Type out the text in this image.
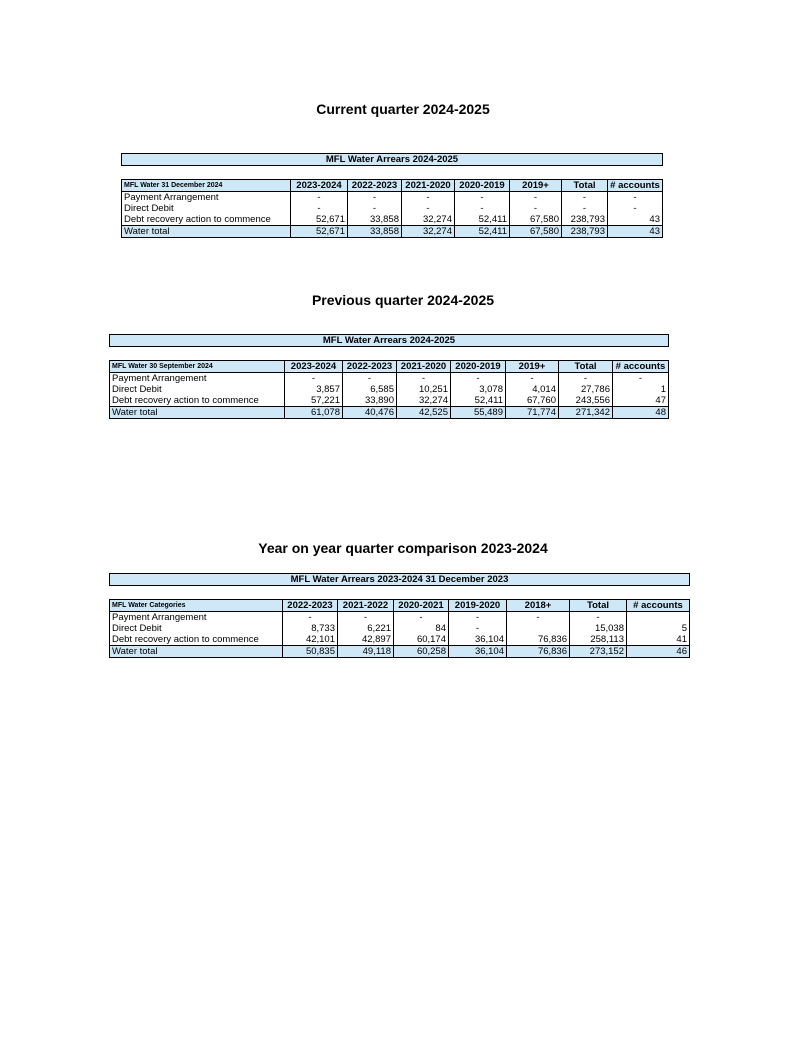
Current quarter 2024-2025
MFL Water Arrears 2024-2025
MFL Water 31 December 2024	2023-2024	2022-2023	2021-2020	2020-2019	2019+	Total	# accounts
Payment Arrangement	-	-	-	-	-	-	-
Direct Debit	-	-	-	-	-	-	-
Debt recovery action to commence	52,671	33,858	32,274	52,411	67,580	238,793	43
Water total	52,671	33,858	32,274	52,411	67,580	238,793	43
Previous quarter 2024-2025
MFL Water Arrears 2024-2025
MFL Water 30 September 2024	2023-2024	2022-2023	2021-2020	2020-2019	2019+	Total	# accounts
Payment Arrangement	-	-	-	-	-	-	-
Direct Debit	3,857	6,585	10,251	3,078	4,014	27,786	1
Debt recovery action to commence	57,221	33,890	32,274	52,411	67,760	243,556	47
Water total	61,078	40,476	42,525	55,489	71,774	271,342	48
Year on year quarter comparison 2023-2024
MFL Water Arrears 2023-2024 31 December 2023
MFL Water Categories	2022-2023	2021-2022	2020-2021	2019-2020	2018+	Total	# accounts
Payment Arrangement	-	-	-	-	-	-	
Direct Debit	8,733	6,221	84	-		15,038	5
Debt recovery action to commence	42,101	42,897	60,174	36,104	76,836	258,113	41
Water total	50,835	49,118	60,258	36,104	76,836	273,152	46
